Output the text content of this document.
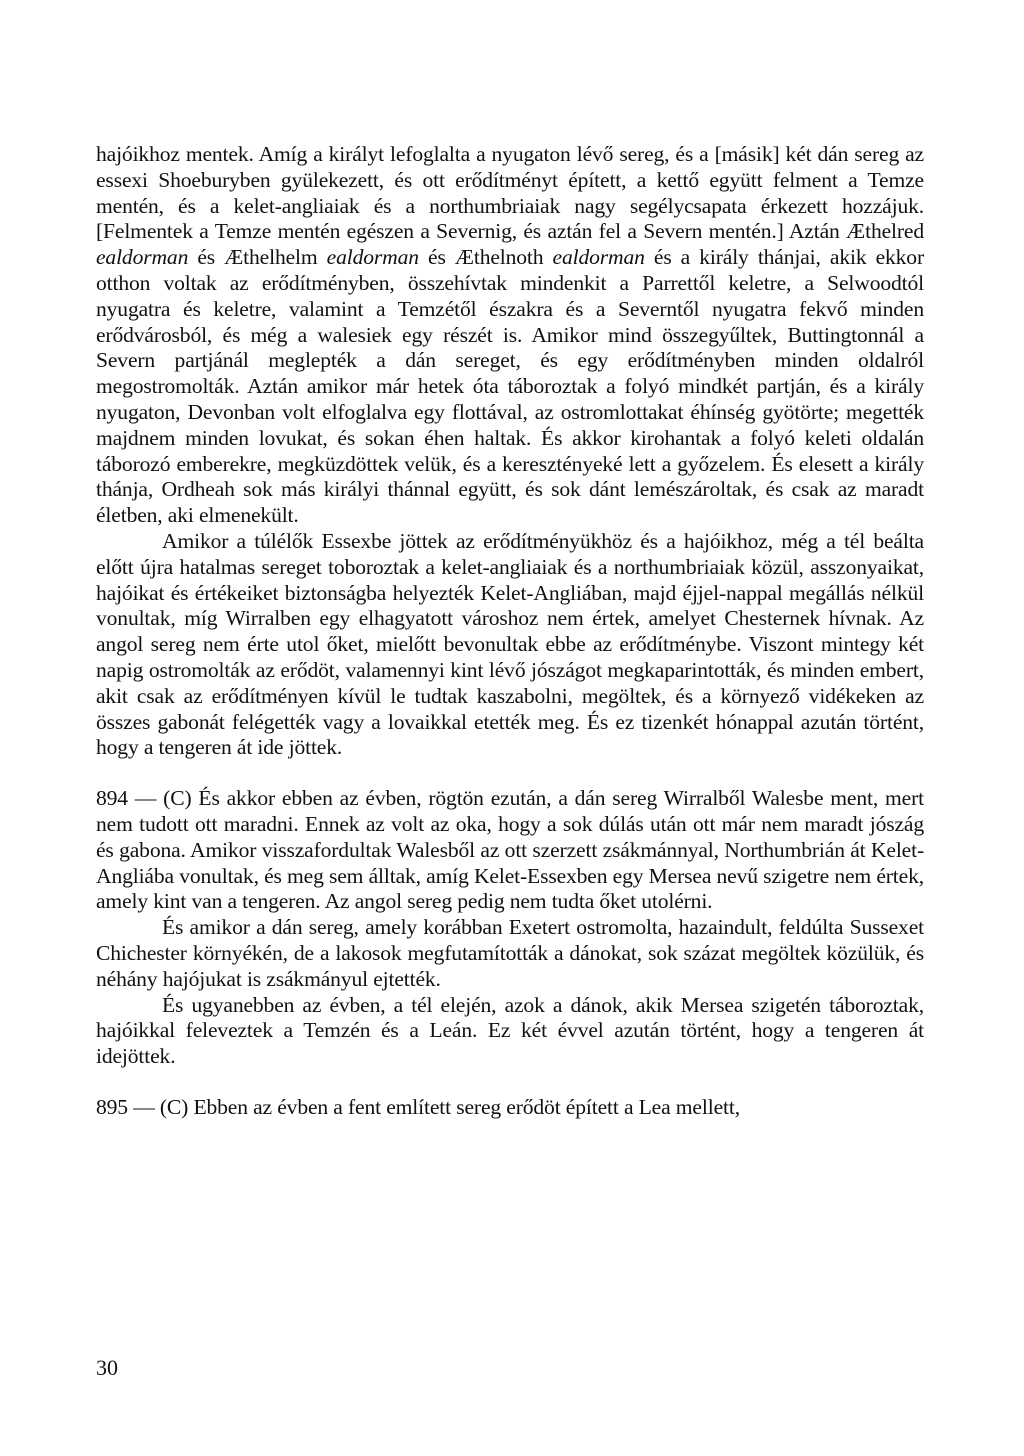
hajóikhoz mentek. Amíg a királyt lefoglalta a nyugaton lévő sereg, és a [másik] két dán sereg az essexi Shoeburyben gyülekezett, és ott erődítményt épített, a kettő együtt felment a Temze mentén, és a kelet-angliaiak és a northumbriaiak nagy segélycsapata érkezett hozzájuk. [Felmentek a Temze mentén egészen a Severnig, és aztán fel a Severn mentén.] Aztán Æthelred ealdorman és Æthelhelm ealdorman és Æthelnoth ealdorman és a király thánjai, akik ekkor otthon voltak az erődítményben, összehívtak mindenkit a Parrettől keletre, a Selwoodtól nyugatra és keletre, valamint a Temzétől északra és a Severntől nyugatra fekvő minden erődvárosból, és még a walesiek egy részét is. Amikor mind összegyűltek, Buttingtonnál a Severn partjánál meglepték a dán sereget, és egy erődítményben minden oldalról megostromolták. Aztán amikor már hetek óta táboroztak a folyó mindkét partján, és a király nyugaton, Devonban volt elfoglalva egy flottával, az ostromlottakat éhínség gyötörte; megették majdnem minden lovukat, és sokan éhen haltak. És akkor kirohantak a folyó keleti oldalán táborozó emberekre, megküzdöttek velük, és a keresztényeké lett a győzelem. És elesett a király thánja, Ordheah sok más királyi thánnal együtt, és sok dánt lemészároltak, és csak az maradt életben, aki elmenekült.

Amikor a túlélők Essexbe jöttek az erődítményükhöz és a hajóikhoz, még a tél beálta előtt újra hatalmas sereget toboroztak a kelet-angliaiak és a northumbriaiak közül, asszonyaikat, hajóikat és értékeiket biztonságba helyezték Kelet-Angliában, majd éjjel-nappal megállás nélkül vonultak, míg Wirralben egy elhagyatott városhoz nem értek, amelyet Chesternek hívnak. Az angol sereg nem érte utol őket, mielőtt bevonultak ebbe az erődítménybe. Viszont mintegy két napig ostromolták az erődöt, valamennyi kint lévő jószágot megkaparintották, és minden embert, akit csak az erődítményen kívül le tudtak kaszabolni, megöltek, és a környező vidékeken az összes gabonát felégették vagy a lovaikkal etették meg. És ez tizenkét hónappal azután történt, hogy a tengeren át ide jöttek.

894 — (C) És akkor ebben az évben, rögtön ezután, a dán sereg Wirralből Walesbe ment, mert nem tudott ott maradni. Ennek az volt az oka, hogy a sok dúlás után ott már nem maradt jószág és gabona. Amikor visszafordultak Walesből az ott szerzett zsákmánnyal, Northumbrián át Kelet-Angliába vonultak, és meg sem álltak, amíg Kelet-Essexben egy Mersea nevű szigetre nem értek, amely kint van a tengeren. Az angol sereg pedig nem tudta őket utolérni.

És amikor a dán sereg, amely korábban Exetert ostromolta, hazaindult, feldúlta Sussexet Chichester környékén, de a lakosok megfutamították a dánokat, sok százat megöltek közülük, és néhány hajójukat is zsákmányul ejtették.

És ugyanebben az évben, a tél elején, azok a dánok, akik Mersea szigetén táboroztak, hajóikkal feleveztek a Temzén és a Leán. Ez két évvel azután történt, hogy a tengeren át idejöttek.

895 — (C) Ebben az évben a fent említett sereg erődöt épített a Lea mellett,

30
